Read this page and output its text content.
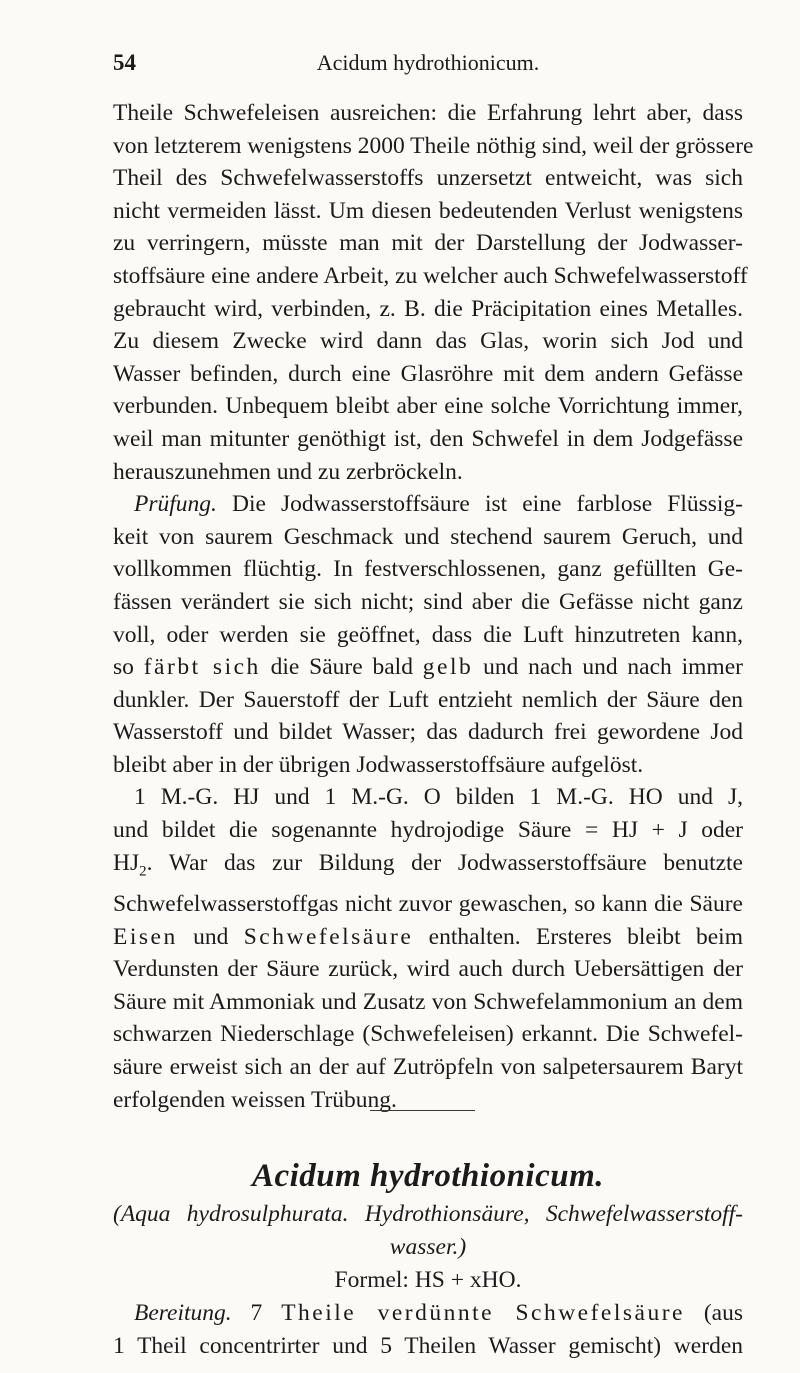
54	Acidum hydrothionicum.
Theile Schwefeleisen ausreichen: die Erfahrung lehrt aber, dass
von letzterem wenigstens 2000 Theile nöthig sind, weil der grössere
Theil des Schwefelwasserstoffs unzersetzt entweicht, was sich
nicht vermeiden lässt. Um diesen bedeutenden Verlust wenigstens
zu verringern, müsste man mit der Darstellung der Jodwasser-
stoffsäure eine andere Arbeit, zu welcher auch Schwefelwasserstoff
gebraucht wird, verbinden, z. B. die Präcipitation eines Metalles.
Zu diesem Zwecke wird dann das Glas, worin sich Jod und
Wasser befinden, durch eine Glasröhre mit dem andern Gefässe
verbunden. Unbequem bleibt aber eine solche Vorrichtung immer,
weil man mitunter genöthigt ist, den Schwefel in dem Jodgefässe
herauszunehmen und zu zerbröckeln.
Prüfung. Die Jodwasserstoffsäure ist eine farblose Flüssig-
keit von saurem Geschmack und stechend saurem Geruch, und
vollkommen flüchtig. In festverschlossenen, ganz gefüllten Ge-
fässen verändert sie sich nicht; sind aber die Gefässe nicht ganz
voll, oder werden sie geöffnet, dass die Luft hinzutreten kann,
so färbt sich die Säure bald gelb und nach und nach immer
dunkler. Der Sauerstoff der Luft entzieht nemlich der Säure den
Wasserstoff und bildet Wasser; das dadurch frei gewordene Jod
bleibt aber in der übrigen Jodwasserstoffsäure aufgelöst.
1 M.-G. HJ und 1 M.-G. O bilden 1 M.-G. HO und J,
und bildet die sogenannte hydrojodige Säure = HJ + J oder
$HJ_2$. War das zur Bildung der Jodwasserstoffsäure benutzte
Schwefelwasserstoffgas nicht zuvor gewaschen, so kann die Säure
Eisen und Schwefelsäure enthalten. Ersteres bleibt beim
Verdunsten der Säure zurück, wird auch durch Uebersättigen der
Säure mit Ammoniak und Zusatz von Schwefelammonium an dem
schwarzen Niederschlage (Schwefeleisen) erkannt. Die Schwefel-
säure erweist sich an der auf Zutröpfeln von salpetersaurem Baryt
erfolgenden weissen Trübung.
Acidum hydrothionicum.
(Aqua hydrosulphurata. Hydrothionsäure, Schwefelwasserstoff-
wasser.)
Formel: HS + xHO.
Bereitung. 7 Theile verdünnte Schwefelsäure (aus
1 Theil concentrirter und 5 Theilen Wasser gemischt) werden
